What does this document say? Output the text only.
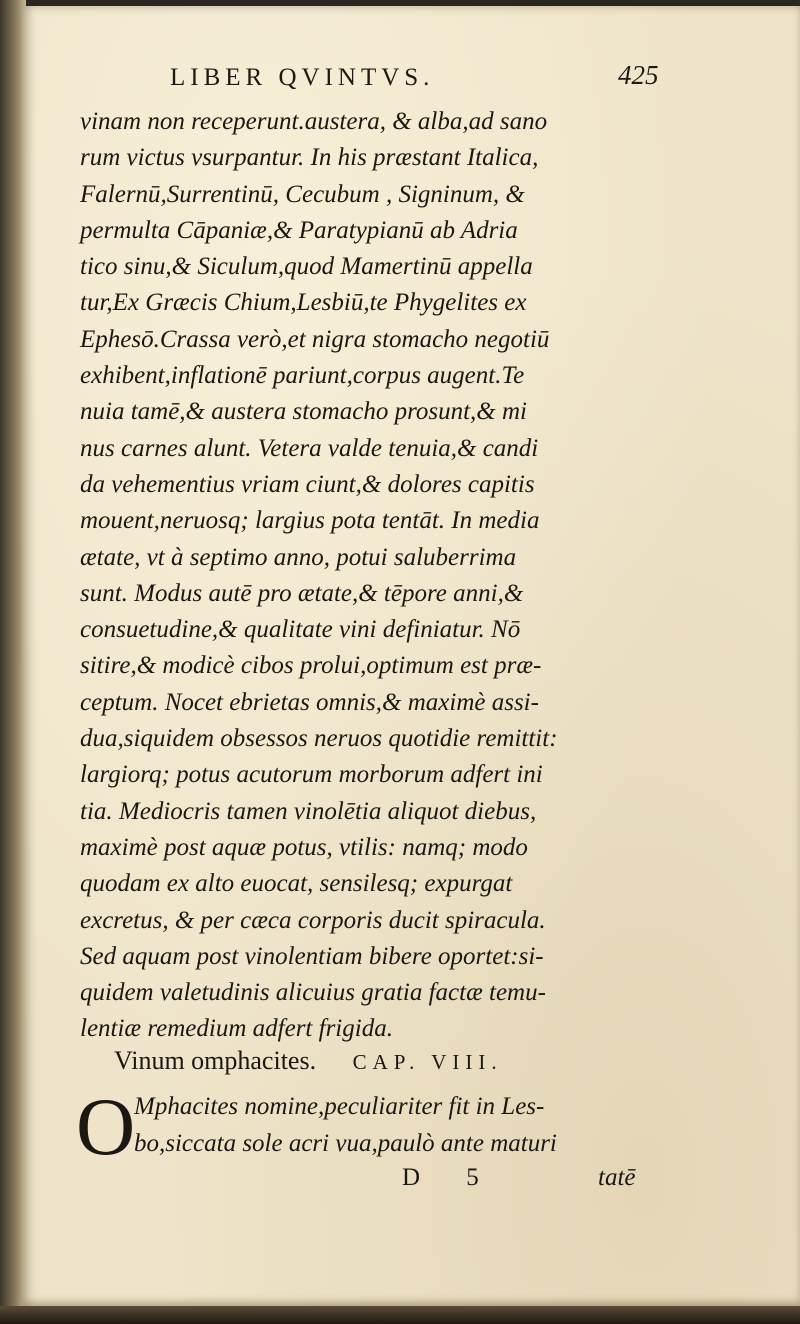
LIBER QVINTVS.	425
vinam non receperunt.austera, & alba,ad sano
rum victus vsurpantur. In his præstant Italica,
Falernū,Surrentinū, Cecubum , Signinum, &
permulta Cāpaniæ,& Paratypianū ab Adria
tico sinu,& Siculum,quod Mamertinū appella
tur,Ex Græcis Chium,Lesbiū,te Phygelites ex
Ephesō.Crassa verò,et nigra stomacho negotiū
exhibent,inflationē pariunt,corpus augent.Te
nuia tamē,& austera stomacho prosunt,& mi
nus carnes alunt. Vetera valde tenuia,& candi
da vehementius vriam ciunt,& dolores capitis
mouent,neruosq; largius pota tentāt. In media
ætate, vt à septimo anno, potui saluberrima
sunt. Modus autē pro ætate,& tēpore anni,&
consuetudine,& qualitate vini definiatur. Nō
sitire,& modicè cibos prolui,optimum est præ-
ceptum. Nocet ebrietas omnis,& maximè assi-
dua,siquidem obsessos neruos quotidie remittit:
largiorq; potus acutorum morborum adfert ini
tia. Mediocris tamen vinolētia aliquot diebus,
maximè post aquæ potus, vtilis: namq; modo
quodam ex alto euocat, sensilesq; expurgat
excretus, & per cæca corporis ducit spiracula.
Sed aquam post vinolentiam bibere oportet:si-
quidem valetudinis alicuius gratia factæ temu-
lentiæ remedium adfert frigida.
Vinum omphacites. CAP. VIII.
O
Mphacites nomine,peculiariter fit in Les-
bo,siccata sole acri vua,paulò ante maturi
D 5	tatē
